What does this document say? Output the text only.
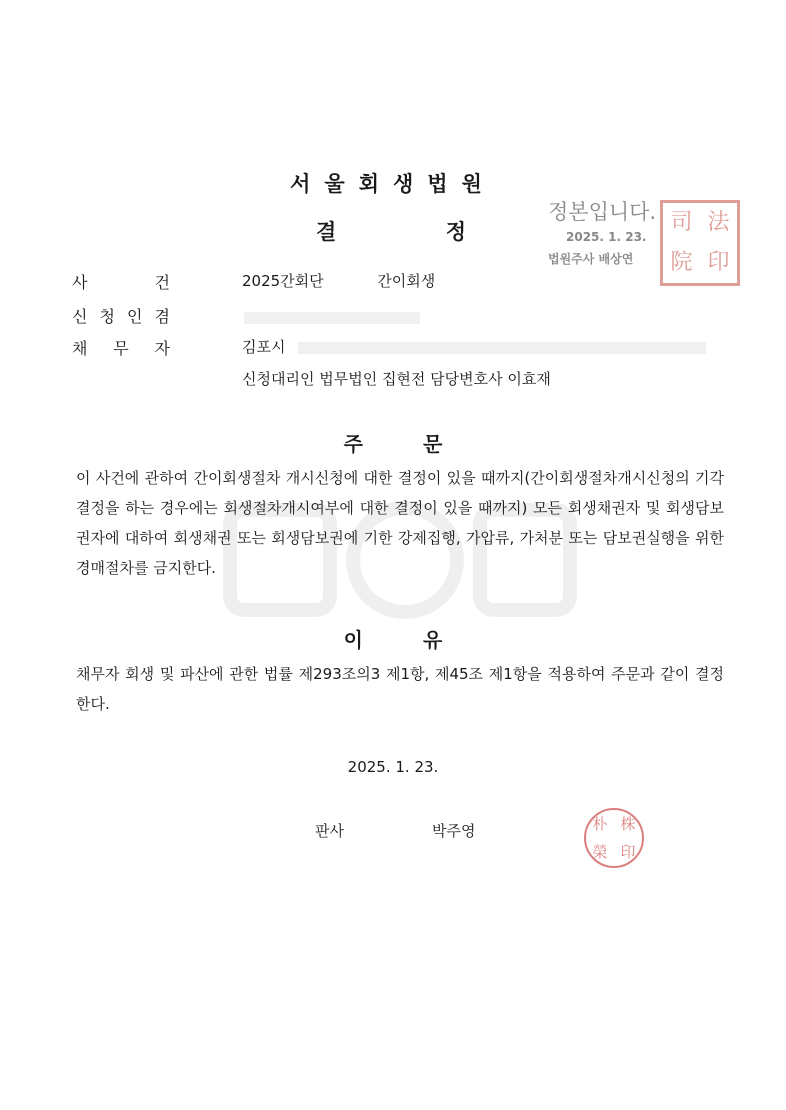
서울회생법원
결	정
정본입니다.
2025. 1. 23.
법원주사 배상연
司 法
院 印
사	건	2025간회단	간이회생
신 청 인 겸
채 무 자	김포시
신청대리인 법무법인 집현전 담당변호사 이효재
주	문
이 사건에 관하여 간이회생절차 개시신청에 대한 결정이 있을 때까지(간이회생절차개시신청의 기각결정을 하는 경우에는 회생절차개시여부에 대한 결정이 있을 때까지) 모든 회생채권자 및 회생담보권자에 대하여 회생채권 또는 회생담보권에 기한 강제집행, 가압류, 가처분 또는 담보권실행을 위한 경매절차를 금지한다.
이	유
채무자 회생 및 파산에 관한 법률 제293조의3 제1항, 제45조 제1항을 적용하여 주문과 같이 결정한다.
2025. 1. 23.
판사	박주영	朴 株
榮 印
